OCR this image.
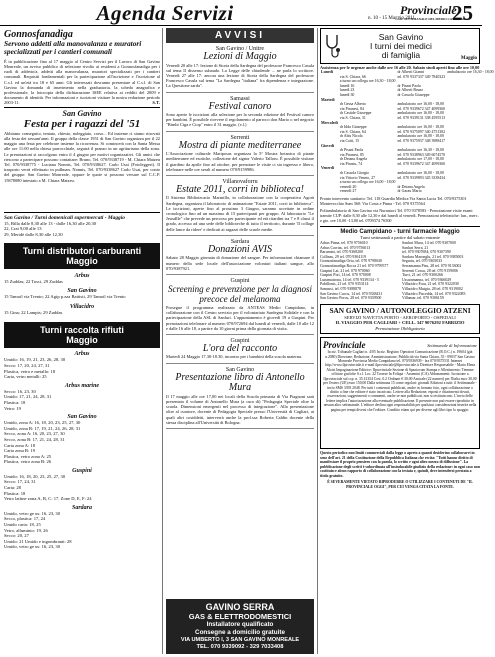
Agenda Servizi	n. 10 - 15 Maggio 2011
Provinciale
IL SETTIMANALE DEL MEDIO CAMPIDANO
25
Gonnosfanadiga
Servono addetti alla manovalanza e muratori specializzati per i cantieri comunali
È in pubblicazione fino al 17 maggio al Centro Servizi per il Lavoro di San Gavino Monreale, un avviso pubblico di selezione rivolto ai residenti a Gonnosfanadiga per i ruoli di addetto/a, addetti alla manovalanza, muratori specializzati per i cantieri comunali. Requisiti fondamentali per la partecipazione all'iscrizione e l'iscrizione al C.s.l. ed un'età tra 18 e 65 anni. Gli interessati dovranno presentare al C.s.l. di San Gavino la domanda di inserimento nella graduatoria, la scheda anagrafica e professionale, la fotocopia della dichiarazione ISEE relativa ai redditi del 2009 e documento di identità. Per informazioni e iscrizioni visitare la nostra redazione periodo 2003-11.	S.T.
San Gavino
Festa per i ragazzi del '51
Abbiamo conseguito, tentato, chiesto, noleggiato, corso... Ed insieme ci siamo ritrovati alla festa dei sessant'anni. Il gruppo della classe 1951 di San Gavino organizza per il 22 maggio una festa per celebrare insieme la ricorrenza. Si comincerà con la Santa Messa alle ore 11:00 nella chiesa parrocchiale, seguirà il pranzo in un agriturismo della zona. Le prenotazioni si raccolgono entro il 4 giugno per motivi organizzativi. Gli amici che riescono a partecipare possono contattare: Bruno, Tel. 070/9338719 - M. Chiara Matzeu Tel. 070/9338775 - Luciana Nonnis, Tel. 070/9338627. Carlo Usai (Fotoleggeri). Il trasporto verrà effettuato in pullman. Nonnis, Tel. 070/9338627 Carlo Usai, per conto del gruppo: San Gavino Monreale, oppure le quote si possono versare sul C.C.P. 15878080 intestato a M. Chiara Matzeu.
San Gavino / Turni domenicali supermercati - Maggio
15, Billa dalle 8,30 alle 13 - dalle 16,30 alle 20,30
22, Crai 9,00 alle 13
29, Meridè dalle 8,30 alle 12,30
Turni distributori carburanti
Maggio
Arbus
15 Zuddas; 22 Tosci, 29 Zuddas
San Gavino
15 Tamoil via Trento; 22 Agip p.zza Battisti, 29 Tamoil via Trento
Villacidro
15 Gina; 22 Lampis; 29 Zuddas
Turni raccolta rifiuti
Maggio
Arbus
Umido: 16, 19, 21, 23, 26, 28, 30
Secco: 17, 20, 24, 27, 31
Plastica, vetro e metallo: 18
Carta, vetro metalli: 25
Arbus marine
Secco: 16, 23, 30
Umido: 17, 21, 24, 28, 31
Plastica: 18
Vetro: 19
San Gavino
Umido, zona A: 16, 18, 20, 23, 25, 27, 30
Umido, zona B: 17, 19, 21, 24, 26, 28, 31
Secco, zona A: 16, 20, 23, 27, 30
Secco, zona B: 17, 21, 24, 28, 31
Carta zona A: 18
Carta zona B: 19
Plastica, vetro zona A: 25
Plastica, vetro zona B: 26
Guspini
Umido: 16, 18, 20, 23, 25, 27, 30
Secco: 17, 24, 31
Carta: 28
Plastica: 18
Vetro lattine zona A, B, C: 17. Zone D, E, F: 24
Sardara
Umido, vetro ge us: 16, 23, 30
Secco, plastica: 17, 24
Umido carta: 18, 25
Vetro, alluminio: 19, 26
Secco: 20, 27
Umido: 21 Umido e ingombranti: 28
Umido, vetro ge us: 16, 23, 30
AVVISI
San Gavino / Unitre
Lezioni di Maggio
Venerdì 20 alle 17: lezione di Storia della Sardegna del professore Francesco Casula sul tema Il dissenso subaudo. La Legge delle chiudende ... ne parla lo scrittore. Venerdì 27 alle 17: ancora una lezione di Storia della Sardegna del professore Francesco Casula sul tema "La Sardegna "italiana" fra dipendenza e integrazione. La Questione sarda".
Samassi
Festival canoro
Sono aperte le iscrizioni alla selezione per la seconda edizione del Festival canoro per bambini. È possibile ricevere il regolamento al parroco don Mario o nel negozio "Bimbi Ciga e Ciop" entro il 31 maggio. (v.l.)
Serrenti
Mostra di piante mediterranee
L'Associazione culturale Mariposas organizza la 5ª Mostra botanica di piante mediterranee ed esotiche, collezione del signor Valerio Talloru. È possibile visitare il giardino da aprile fino ad ottobre, per prenotare le visite ci sia ingresso e libero, telefonare nelle ore serali al numero 070/9159986.
Villanovaforru
Estate 2011, corri in biblioteca!
Il Sistema Bibliotecario Marmilla, in collaborazione con la cooperativa Agorà Sardegna, organizza il laboratorio di animazione "Estate 2011, corri in biblioteca". Le iscrizioni, aperte fino al prossimo 3 Giugno, saranno accettate in ordine cronologico fino ad un massimo di 15 partecipanti per gruppo. Al laboratorio "Le Jeuxdlle" che prevede un percorso per partecipante ed età ritardini tra 7 e 8 classi il grado, accesso ad una sede delle biblioteche di tutto il territorio, durante 'Il collage delle lance da ridere' e dedicati ai ragazzi delle scuole medie.
Sardara
Donazioni AVIS
Sabato 28 Maggio giornata di donazione del sangue. Per informazioni chiamare il numero della sede locale dell'associazione volontari italiani sangue, allo 070/9387921.
Guspini
Screening e prevenzione per la diagnosi precoce del melanoma
Prosegue il programma realizzato da ANTEAS Medio Campidano, in collaborazione con il Centro servizio per il volontariato Sardegna Solidale e con la partecipazione della ASL di Sanluri. L'appuntamento è giovedì 19 a Guspini. Per prenotazioni telefonare al numero 070/972694 dal lunedì al venerdì, dalle 10 alle 12 e dalle 16 alle 18, a partire da 10 giorni prima della giornata di visita.
Guspini
L'ora del racconto
Martedì 24 Maggio 17.30-18.30, incontro per i bambini della scuola materna.
San Gavino
Presentazione libro di Antonello Mura
Il 17 maggio alle ore 17,00 nei locali della Scuola primaria di Via Piagnoni sarà presentato il volume di Antonello Mura (a cura di) "Pedagogia Speciale oltre la scuola. Dimensioni emergenti nel processo di integrazione". Alla presentazione oltre al curatore, docente di Pedagogia Speciale presso l'Università di Cagliari, ai quali altri cosiddetti, interverrà anche la prof.ssa Roberta Caldin docente della stessa disciplina all'Università di Bologna.
GAVINO SERRA
GAS & ELETTRODOMESTICI
Installatore qualificato
Consegne a domicilio gratuite
VIA UMBERTO I, 3 SAN GAVINO MONREALE
TEL. 070 9339092 - 329 7033408
San Gavino
I turni dei medici
di famiglia	Maggio
Assistenza per le urgenze anche dalle ore 16 alle 20. Sabato studi aperti fino alle ore 10,00
Lunedì		dr Alberti Gianni	ambulatorio ore 16,30 - 18,00
	via S. Chiara, 66	tel. 070 9337337 349 7840323	
	a turno un collega ore 16,30 - 18,00		
	lunedì 16	dr Pisani Paola	
	lunedì 23	dr Alberti Bruno	
	lunedì 30	dr Cassola Giuseppe	
Martedì			
	dr Gessa Alberto	ambulatorio ore 16,00 - 18,00	
	via Piranesi, 84	tel. 070 9339672 347 4099360	
	dr Castide Giuseppe	ambulatorio ore 16,00 - 18,00	
	via S. Chiara, 31	tel. 070 9339131 338 4595513	
Mercoledì			
	dr Idda Giuseppe	ambulatorio ore 16,00 - 18,00	
	via S. Chiara, 64	tel. 070 9375097 340 4751382	
	dr Abis Nicola	ambulatorio ore 16,00 - 18,00	
	via Cotti, 15	tel. 070 9375937 348 3988417	
Giovedì			
	dr Pisani Paola	ambulatorio ore 16,30 - 18,00	
	via Piranesi, 85	tel. 070 9338963 349 6074570	
	dr Deiana Angela	ambulatorio ore 17,00 - 18,00	
	via Pirastu, 74	tel. 070 9339672 347 4099360	
Venerdì			
	dr Cassola Giorgio	ambulatorio ore 16,00 - 18,00	
	via Vittorio Veneto, 27	tel. 070 9339893 345 3338434	
	a turno un collega ore 16,00 - 18,00		
	venerdì 20	dr Deiana Angela	
	venerdì 27	dr Garau Mario	
Pronto intervento sanitario: Tel. 118 Guardia Medica Via Santa Lucia Tel. 070/9375301 Montevecchio Sum 360: Via Costa e Pinna - Tel. 070 9375564
Poliambulatorio di San Gavino via Nurantoci Tel. 070 9378583 - Prenotazione visite esami tramite CUP: dalle 8,30 alle 12,30 e dal lunedì al venerdì. Prenotazioni telefoniche: lun., merc. e gio. ore 10,00 -13,00 tel. 0709374 76500
Medio Campidano - turni farmacie Maggio
Turni settimanali a partire dal sabato entrante
Arbus Pinna, tel. 070 9756010
Arbus Corrias, tel. 070 9756013
Barumini, tel. 070 9368200
Collinas, 29 tel. 070 9304119
Gonnosfanadiga Ortu, tel. 070 9798040
Gonnosfanadiga Rocca 21 tel. 070 9799577
Guspini Lai, 21 tel. 070 970060
Guspini Pixi, 14 tel. 070 970008
Lunamatrona, 14 tel. 070 9339134 - 5
Pabillonis, 21 tel. 070 9353114
Samassi, tel. 070 9388878
San Gavino Cuccu, 14 tel. 070 9338431
San Gavino Porcu, 28 tel. 070 9339500
Sanluri Muru, 14 tel. 070 9307000
Sanluri Serra, 21
tel. 070 9307684; 070 9307390
Sardara Maronglu, 21 tel. 070 9385003
Segariu, tel. 070 9305033
Serramanna Pisu, 28 tel. 070 9133002
Serrenti Cossu, 28 tel. 070 9159006
Turri, 21 tel. 070 9300266
Ussaramanna, tel. 070 9366029
Villacidro Frau, 21 tel. 070 9322030
Villacidro Mutgia, 28 tel. 070 9319002
Villacidro Piscedda, 14 tel. 070 9322083
Villamar, tel. 070 9306159
SAN GAVINO / AUTONOLEGGIO ATZENI
SERVIZI NAVETTA PORTO - AEROPORTO - OSPEDALI
IL VIAGGIO PER CAGLIARI + CELL. 347 9076292 FABRIZIO
Prenotazione Obbligatoria
Provinciale	Settimanale di Informazione
Iscriz. Tribunale Cagliari n. 4/05 Iscriz. Registro Operatori Comunicazione (R.O.C.) n. 19604 (già n.2080) Direzione, Redazione, Amministrazione, Pubblicità via Santa Chiara, 35 - 09037 San Gavino Monreale Provincia Medio Campidano tel. 070/9336939 - fax 070/9375531 Internet http://www.ilprovinciale.it e-mail ilprovinciale@ilprovinciale.it Direttore Responsabile - Maria Elena Aloisi Impaginazione Editrice: Ilprovinciale Sezione di Spaziocom Stampa e Allestimento: Tiemme officine grafiche S.r.l. Loc. 22 Torrese In Foliqui - Assemini (CA) Abbonamenti: Iscrizione a Ilprovinciale sul ccp. n. 35 41354 Cost. 0.2 Ordinari € 30,00 Amicale (22 numeri) per l'Italia euro 30,00 per l'estero (UE) euro 150,00 Dalla settimana 15 come regolari: giornali Edizioni a tutti: il Settimanale - invio SMS 3393 2048. Per tutti i contenuti pubblicati, anche in formato foto, ogni collaborazione o diritto a fine che editore è stato incaricato. Lettere alla Redazione, esposti e chiarimenti dovuti, osservazioni, suggerimenti o commenti, anche se non pubblicati, non si restituiscono. L'invio delle lettere implica l'autorizzazione alla eventuale pubblicazione. Il presente non può essere riprodotto in nessun altro settimanale. L'editore declina ogni responsabilità per qualsiasi considerazioni inserite nella pagina per tempi diversi che l'editore. Conditio etiam qui per diverse agli libri tipo lo spaggio.
Questo periodico non limiti commerciali dalla legge o aperto a quanti desiderino collaborarvi in seno dell'art. 21 della Costituzione della Repubblica Italiana che recita: "Tutti hanno diritto di manifestare il proprio pensiero con la parola, lo scritto e ogni altro mezzo di diffusione". La pubblicazione degli scritti è subordinata all'insindacabile giudizio della redazione: in ogni caso non costituisce alcun rapporto di collaborazione con la testata e, quindi, deve intendersi prestata a titolo gratuito.
È SEVERAMENTE VIETATO RIPRODURRE O UTILIZZARE I CONTENUTI DE "IL PROVINCIALE OGGI", PER CUI VENGA CITATA LA FONTE.
